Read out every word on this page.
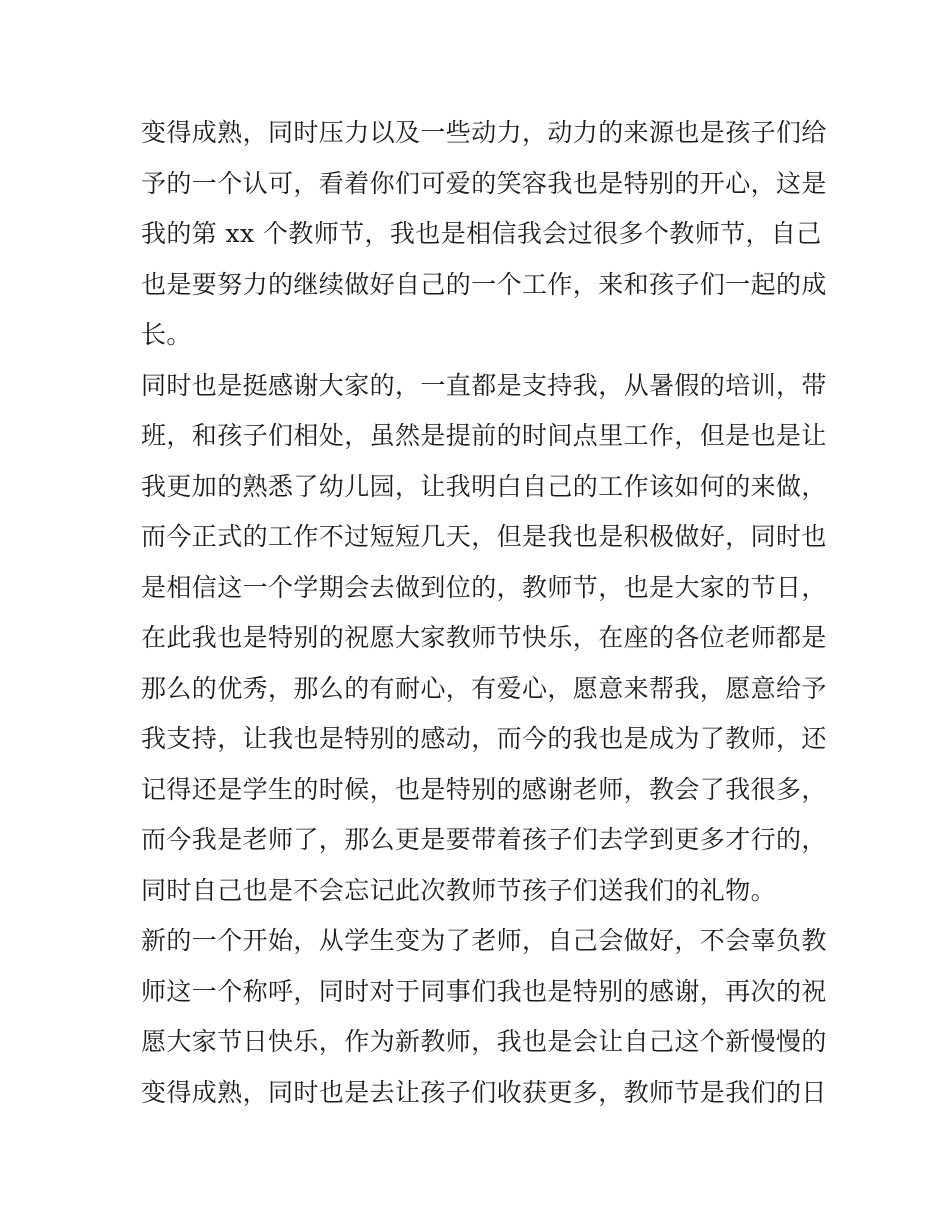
变得成熟，同时压力以及一些动力，动力的来源也是孩子们给
予的一个认可，看着你们可爱的笑容我也是特别的开心，这是
我的第 xx 个教师节，我也是相信我会过很多个教师节，自己
也是要努力的继续做好自己的一个工作，来和孩子们一起的成
长。
同时也是挺感谢大家的，一直都是支持我，从暑假的培训，带
班，和孩子们相处，虽然是提前的时间点里工作，但是也是让
我更加的熟悉了幼儿园，让我明白自己的工作该如何的来做，
而今正式的工作不过短短几天，但是我也是积极做好，同时也
是相信这一个学期会去做到位的，教师节，也是大家的节日，
在此我也是特别的祝愿大家教师节快乐，在座的各位老师都是
那么的优秀，那么的有耐心，有爱心，愿意来帮我，愿意给予
我支持，让我也是特别的感动，而今的我也是成为了教师，还
记得还是学生的时候，也是特别的感谢老师，教会了我很多，
而今我是老师了，那么更是要带着孩子们去学到更多才行的，
同时自己也是不会忘记此次教师节孩子们送我们的礼物。
新的一个开始，从学生变为了老师，自己会做好，不会辜负教
师这一个称呼，同时对于同事们我也是特别的感谢，再次的祝
愿大家节日快乐，作为新教师，我也是会让自己这个新慢慢的
变得成熟，同时也是去让孩子们收获更多，教师节是我们的日
